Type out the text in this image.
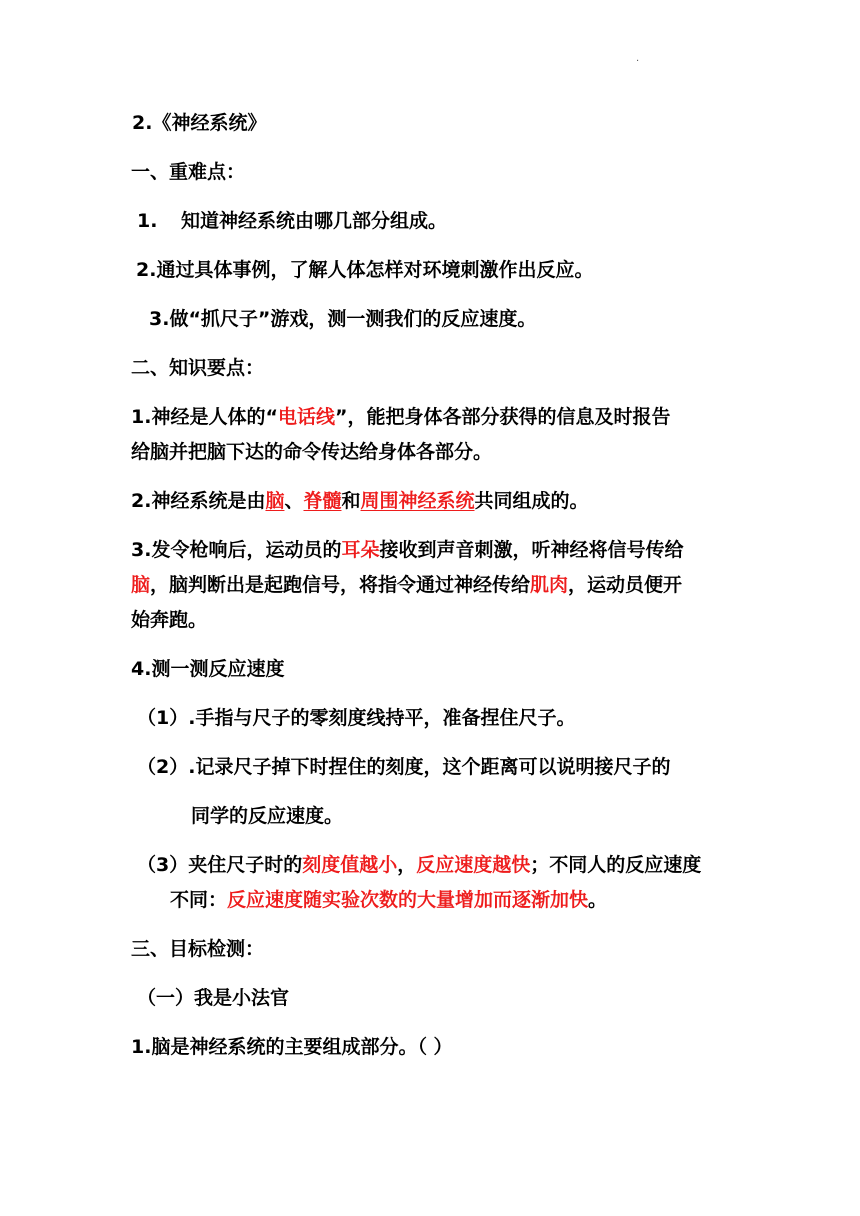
·
2.《神经系统》
一、重难点：
1. 知道神经系统由哪几部分组成。
2.通过具体事例，了解人体怎样对环境刺激作出反应。
3.做“抓尺子”游戏，测一测我们的反应速度。
二、知识要点：
1.神经是人体的“电话线”，能把身体各部分获得的信息及时报告
给脑并把脑下达的命令传达给身体各部分。
2.神经系统是由脑、脊髓和周围神经系统共同组成的。
3.发令枪响后，运动员的耳朵接收到声音刺激，听神经将信号传给
脑，脑判断出是起跑信号，将指令通过神经传给肌肉，运动员便开
始奔跑。
4.测一测反应速度
（1）.手指与尺子的零刻度线持平，准备捏住尺子。
（2）.记录尺子掉下时捏住的刻度，这个距离可以说明接尺子的
同学的反应速度。
（3）夹住尺子时的刻度值越小，反应速度越快；不同人的反应速度
不同：反应速度随实验次数的大量增加而逐渐加快。
三、目标检测：
（一）我是小法官
1.脑是神经系统的主要组成部分。（ ）
